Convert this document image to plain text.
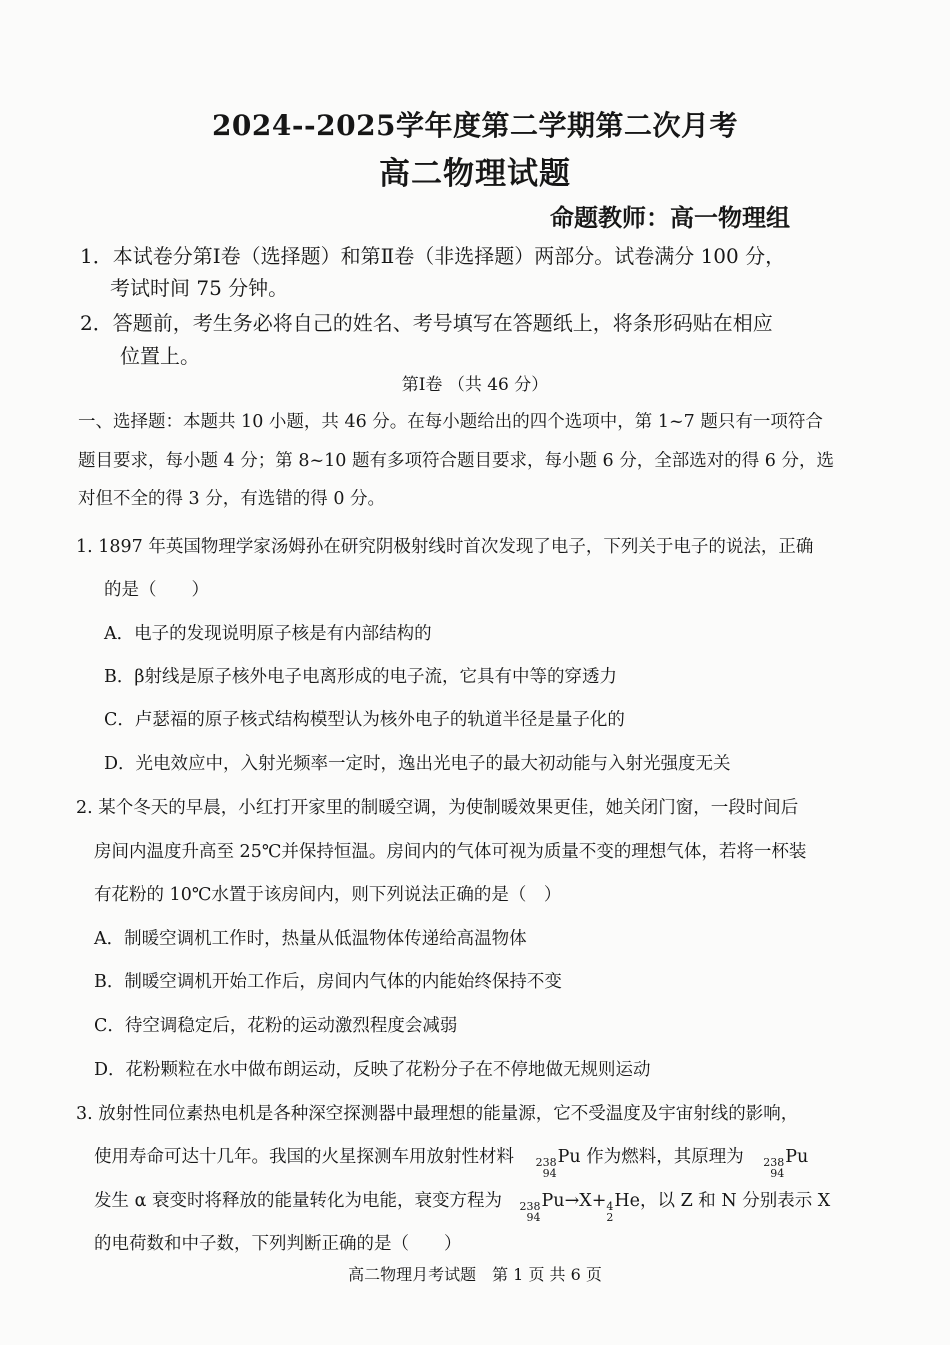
2024--2025学年度第二学期第二次月考
高二物理试题
命题教师：高一物理组
1．本试卷分第Ⅰ卷（选择题）和第Ⅱ卷（非选择题）两部分。试卷满分 100 分，
考试时间 75 分钟。
2．答题前，考生务必将自己的姓名、考号填写在答题纸上，将条形码贴在相应
位置上。
第Ⅰ卷 （共 46 分）
一、选择题：本题共 10 小题，共 46 分。在每小题给出的四个选项中，第 1~7 题只有一项符合
题目要求，每小题 4 分；第 8~10 题有多项符合题目要求，每小题 6 分，全部选对的得 6 分，选
对但不全的得 3 分，有选错的得 0 分。
1. 1897 年英国物理学家汤姆孙在研究阴极射线时首次发现了电子，下列关于电子的说法，正确
的是（　　）
A．电子的发现说明原子核是有内部结构的
B．β射线是原子核外电子电离形成的电子流，它具有中等的穿透力
C．卢瑟福的原子核式结构模型认为核外电子的轨道半径是量子化的
D．光电效应中，入射光频率一定时，逸出光电子的最大初动能与入射光强度无关
2. 某个冬天的早晨，小红打开家里的制暖空调，为使制暖效果更佳，她关闭门窗，一段时间后
房间内温度升高至 25℃并保持恒温。房间内的气体可视为质量不变的理想气体，若将一杯装
有花粉的 10℃水置于该房间内，则下列说法正确的是（　）
A．制暖空调机工作时，热量从低温物体传递给高温物体
B．制暖空调机开始工作后，房间内气体的内能始终保持不变
C．待空调稳定后，花粉的运动激烈程度会减弱
D．花粉颗粒在水中做布朗运动，反映了花粉分子在不停地做无规则运动
3. 放射性同位素热电机是各种深空探测器中最理想的能量源，它不受温度及宇宙射线的影响，
使用寿命可达十几年。我国的火星探测车用放射性材料 238
94
Pu 作为燃料，其原理为 238
94
Pu
发生 α 衰变时将释放的能量转化为电能，衰变方程为 238
94
Pu→X+ 4
2
He，以 Z 和 N 分别表示 X
的电荷数和中子数，下列判断正确的是（　　）
高二物理月考试题　第 1 页 共 6 页
